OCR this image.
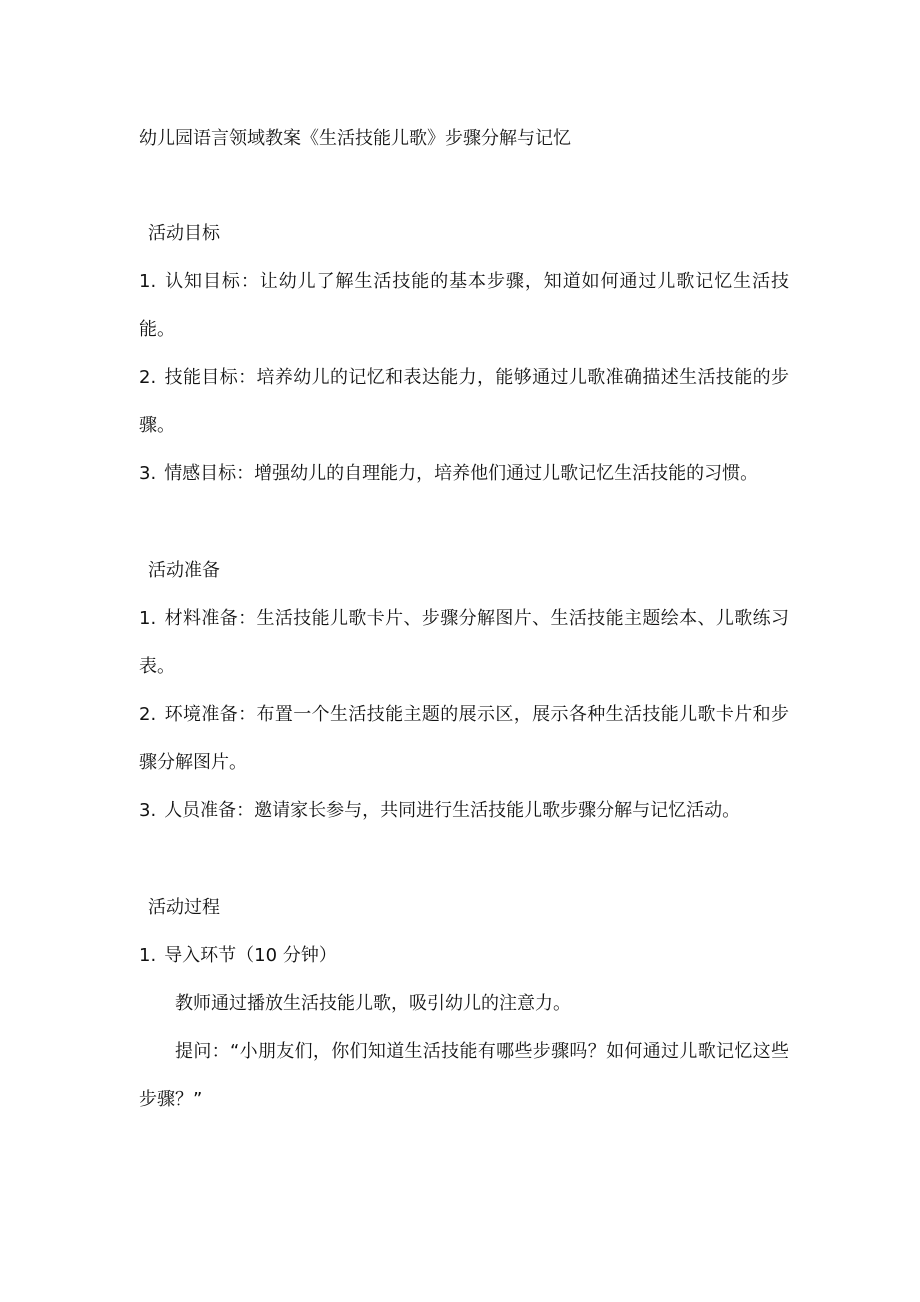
幼儿园语言领域教案《生活技能儿歌》步骤分解与记忆
活动目标
1. 认知目标：让幼儿了解生活技能的基本步骤，知道如何通过儿歌记忆生活技能。
2. 技能目标：培养幼儿的记忆和表达能力，能够通过儿歌准确描述生活技能的步骤。
3. 情感目标：增强幼儿的自理能力，培养他们通过儿歌记忆生活技能的习惯。
活动准备
1. 材料准备：生活技能儿歌卡片、步骤分解图片、生活技能主题绘本、儿歌练习表。
2. 环境准备：布置一个生活技能主题的展示区，展示各种生活技能儿歌卡片和步骤分解图片。
3. 人员准备：邀请家长参与，共同进行生活技能儿歌步骤分解与记忆活动。
活动过程
1. 导入环节（10 分钟）
教师通过播放生活技能儿歌，吸引幼儿的注意力。
提问：“小朋友们，你们知道生活技能有哪些步骤吗？如何通过儿歌记忆这些步骤？”
